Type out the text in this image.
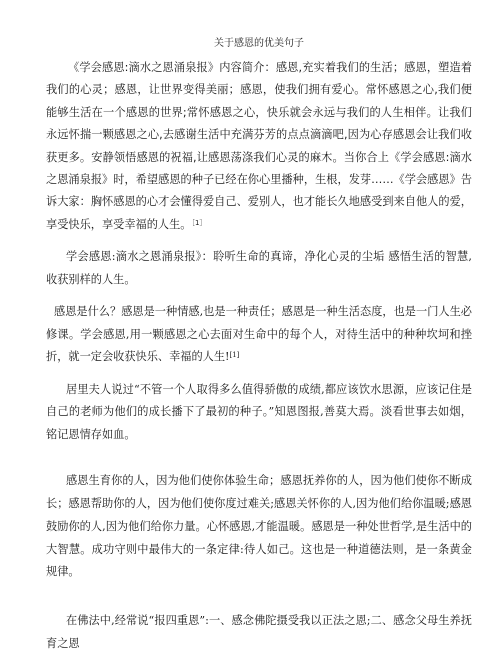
关于感恩的优美句子

《学会感恩:滴水之恩涌泉报》内容简介：感恩,充实着我们的生活；感恩，塑造着我们的心灵；感恩，让世界变得美丽；感恩，使我们拥有爱心。常怀感恩之心,我们便能够生活在一个感恩的世界;常怀感恩之心，快乐就会永远与我们的人生相伴。让我们永远怀揣一颗感恩之心,去感谢生活中充满芬芳的点点滴滴吧,因为心存感恩会让我们收获更多。安静领悟感恩的祝福,让感恩荡涤我们心灵的麻木。当你合上《学会感恩:滴水之恩涌泉报》时，希望感恩的种子已经在你心里播种，生根，发芽……《学会感恩》告诉大家：胸怀感恩的心才会懂得爱自己、爱别人，也才能长久地感受到来自他人的爱，享受快乐，享受幸福的人生。$^{[1]}$

学会感恩:滴水之恩涌泉报》：聆听生命的真谛，净化心灵的尘垢 感悟生活的智慧,收获别样的人生。

感恩是什么？感恩是一种情感,也是一种责任；感恩是一种生活态度，也是一门人生必修课。学会感恩,用一颗感恩之心去面对生命中的每个人，对待生活中的种种坎坷和挫折，就一定会收获快乐、幸福的人生![1]

居里夫人说过“不管一个人取得多么值得骄傲的成绩,都应该饮水思源，应该记住是自己的老师为他们的成长播下了最初的种子。”知恩图报,善莫大焉。淡看世事去如烟，铭记恩情存如血。

感恩生育你的人，因为他们使你体验生命；感恩抚养你的人，因为他们使你不断成长；感恩帮助你的人，因为他们使你度过难关;感恩关怀你的人,因为他们给你温暖;感恩鼓励你的人,因为他们给你力量。心怀感恩,才能温暖。感恩是一种处世哲学,是生活中的大智慧。成功守则中最伟大的一条定律:待人如己。这也是一种道德法则，是一条黄金规律。

在佛法中,经常说“报四重恩”:一、感念佛陀摄受我以正法之恩;二、感念父母生养抚育之恩
